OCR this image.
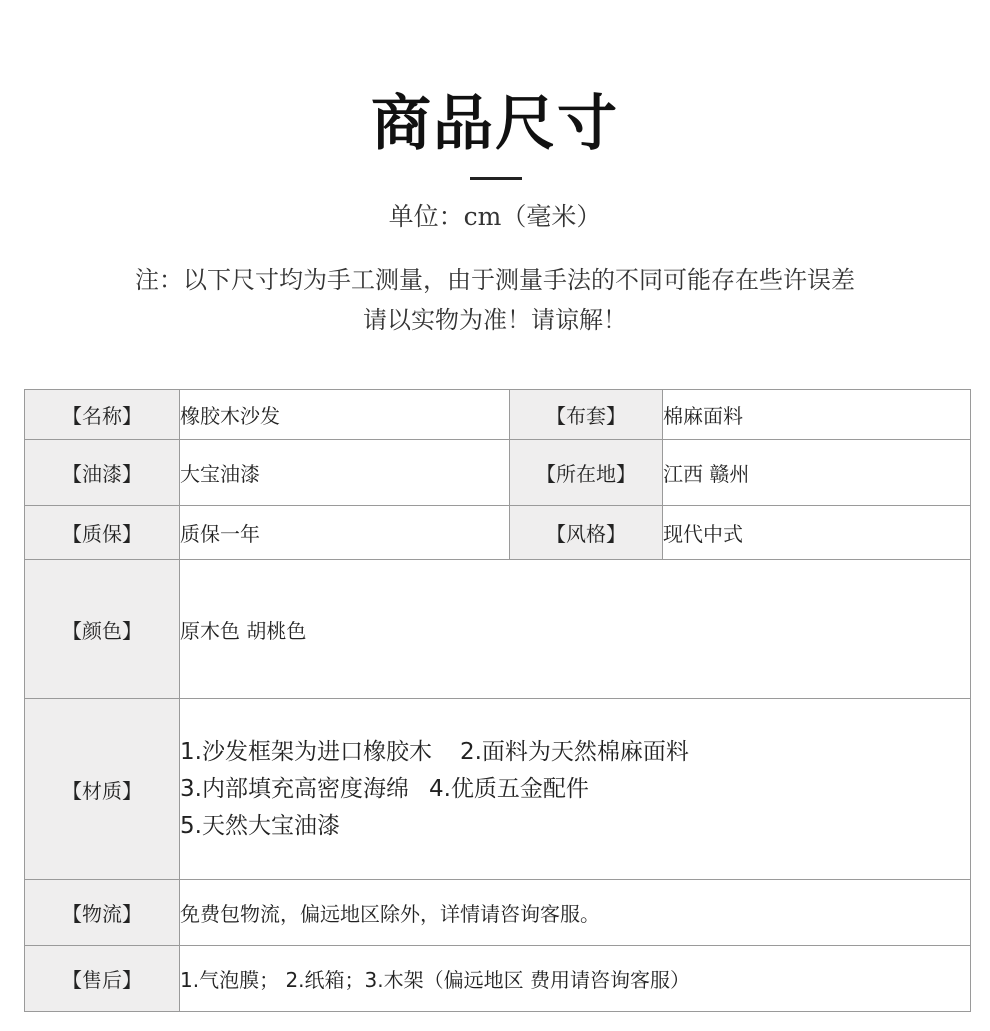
商品尺寸
单位：cm（毫米）
注：以下尺寸均为手工测量，由于测量手法的不同可能存在些许误差
请以实物为准！请谅解！
【名称】	橡胶木沙发	【布套】	棉麻面料
【油漆】	大宝油漆	【所在地】	江西 赣州
【质保】	质保一年	【风格】	现代中式
【颜色】	原木色 胡桃色		
【材质】	1.沙发框架为进口橡胶木 2.面料为天然棉麻面料
3.内部填充高密度海绵 4.优质五金配件
5.天然大宝油漆		

【物流】	免费包物流，偏远地区除外，详情请咨询客服。		
【售后】	1.气泡膜； 2.纸箱；3.木架（偏远地区 费用请咨询客服）		
